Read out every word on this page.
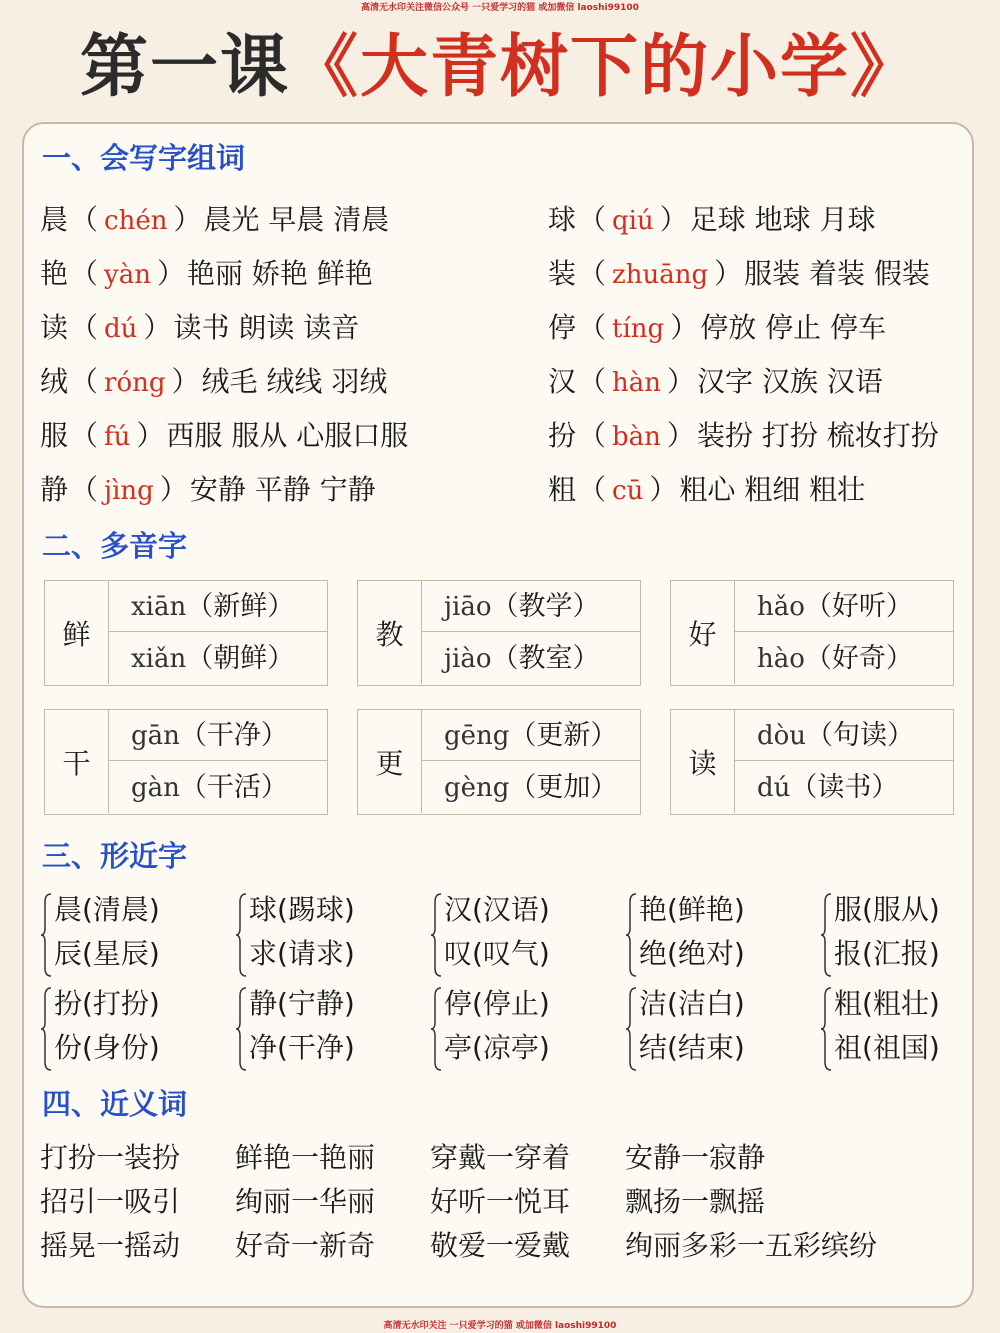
高清无水印关注微信公众号 一只爱学习的猫 或加微信 laoshi99100
第一课《大青树下的小学》
一、会写字组词
晨（ chén ）晨光 早晨 清晨
艳（ yàn ）艳丽 娇艳 鲜艳
读（ dú ）读书 朗读 读音
绒（ róng ）绒毛 绒线 羽绒
服（ fú ）西服 服从 心服口服
静（ jìng ）安静 平静 宁静
球（ qiú ）足球 地球 月球
装（ zhuāng ）服装 着装 假装
停（ tíng ）停放 停止 停车
汉（ hàn ）汉字 汉族 汉语
扮（ bàn ）装扮 打扮 梳妆打扮
粗（ cū ）粗心 粗细 粗壮
二、多音字
鲜
xiān（新鲜）
xiǎn（朝鲜）
教
jiāo（教学）
jiào（教室）
好
hǎo（好听）
hào（好奇）
干
gān（干净）
gàn（干活）
更
gēng（更新）
gèng（更加）
读
dòu（句读）
dú（读书）
三、形近字
晨(清晨)
辰(星辰)
球(踢球)
求(请求)
汉(汉语)
叹(叹气)
艳(鲜艳)
绝(绝对)
服(服从)
报(汇报)
扮(打扮)
份(身份)
静(宁静)
净(干净)
停(停止)
亭(凉亭)
洁(洁白)
结(结束)
粗(粗壮)
祖(祖国)
四、近义词
打扮一装扮 鲜艳一艳丽 穿戴一穿着 安静一寂静
招引一吸引 绚丽一华丽 好听一悦耳 飘扬一飘摇
摇晃一摇动 好奇一新奇 敬爱一爱戴 绚丽多彩一五彩缤纷
高清无水印关注 一只爱学习的猫 或加微信 laoshi99100
